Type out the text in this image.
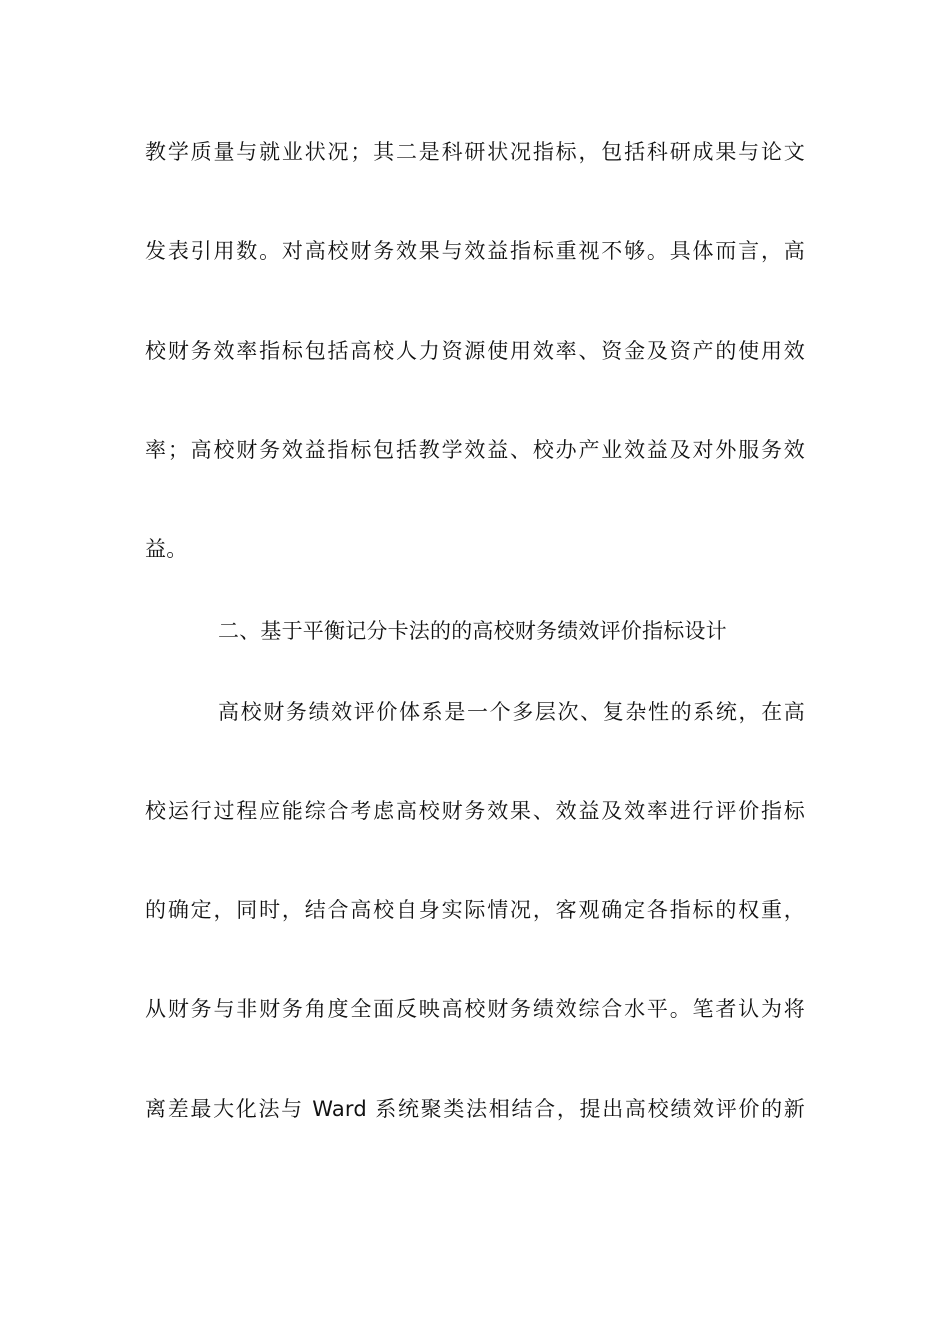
教学质量与就业状况；其二是科研状况指标，包括科研成果与论文
发表引用数。对高校财务效果与效益指标重视不够。具体而言，高
校财务效率指标包括高校人力资源使用效率、资金及资产的使用效
率；高校财务效益指标包括教学效益、校办产业效益及对外服务效
益。
二、基于平衡记分卡法的的高校财务绩效评价指标设计
高校财务绩效评价体系是一个多层次、复杂性的系统，在高
校运行过程应能综合考虑高校财务效果、效益及效率进行评价指标
的确定，同时，结合高校自身实际情况，客观确定各指标的权重，
从财务与非财务角度全面反映高校财务绩效综合水平。笔者认为将
离差最大化法与 Ward 系统聚类法相结合，提出高校绩效评价的新
